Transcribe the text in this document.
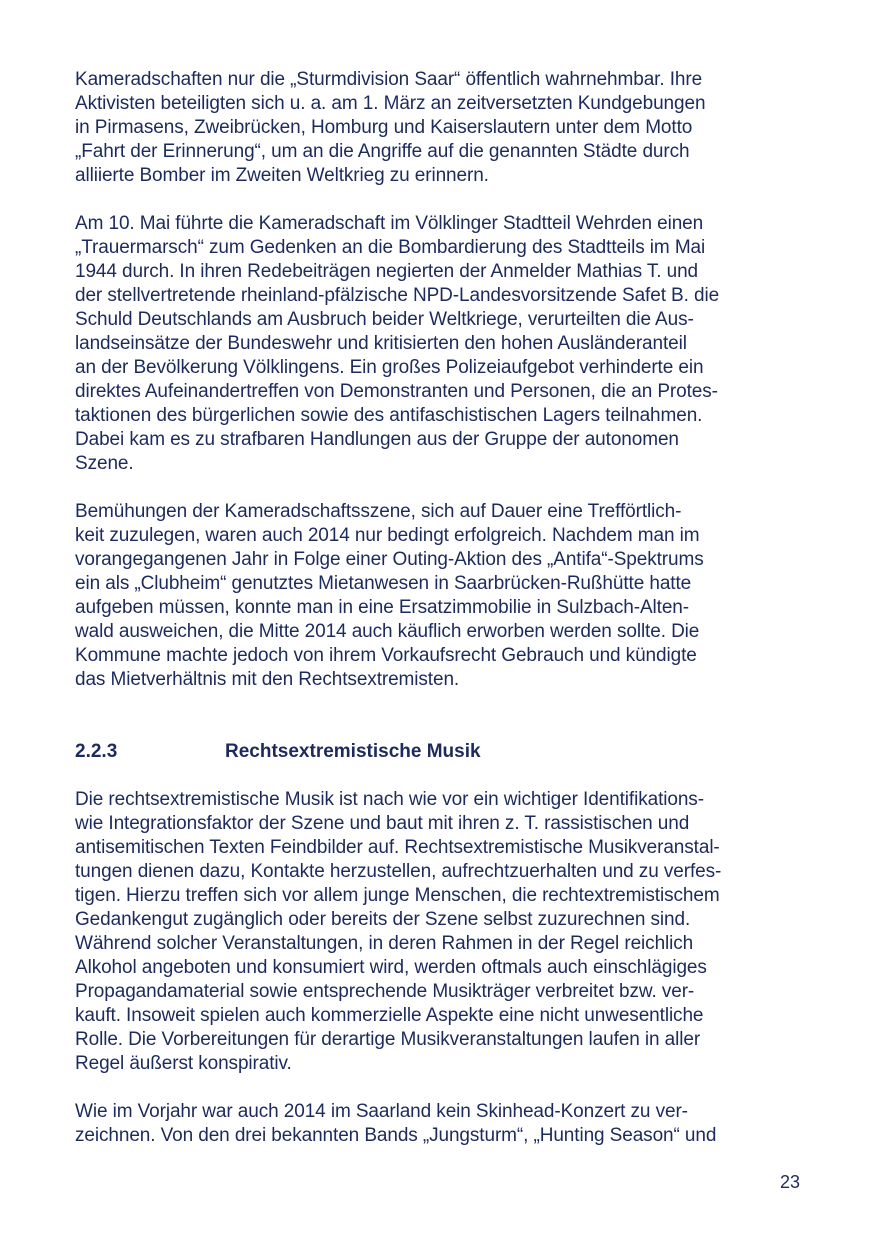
Kameradschaften nur die „Sturmdivision Saar“ öffentlich wahrnehmbar. Ihre
Aktivisten beteiligten sich u. a. am 1. März an zeitversetzten Kundgebungen
in Pirmasens, Zweibrücken, Homburg und Kaiserslautern unter dem Motto
„Fahrt der Erinnerung“, um an die Angriffe auf die genannten Städte durch
alliierte Bomber im Zweiten Weltkrieg zu erinnern.
Am 10. Mai führte die Kameradschaft im Völklinger Stadtteil Wehrden einen
„Trauermarsch“ zum Gedenken an die Bombardierung des Stadtteils im Mai
1944 durch. In ihren Redebeiträgen negierten der Anmelder Mathias T. und
der stellvertretende rheinland-pfälzische NPD-Landesvorsitzende Safet B. die
Schuld Deutschlands am Ausbruch beider Weltkriege, verurteilten die Aus-
landseinsätze der Bundeswehr und kritisierten den hohen Ausländeranteil
an der Bevölkerung Völklingens. Ein großes Polizeiaufgebot verhinderte ein
direktes Aufeinandertreffen von Demonstranten und Personen, die an Protes-
taktionen des bürgerlichen sowie des antifaschistischen Lagers teilnahmen.
Dabei kam es zu strafbaren Handlungen aus der Gruppe der autonomen
Szene.
Bemühungen der Kameradschaftsszene, sich auf Dauer eine Trefförtlich-
keit zuzulegen, waren auch 2014 nur bedingt erfolgreich. Nachdem man im
vorangegangenen Jahr in Folge einer Outing-Aktion des „Antifa“-Spektrums
ein als „Clubheim“ genutztes Mietanwesen in Saarbrücken-Rußhütte hatte
aufgeben müssen, konnte man in eine Ersatzimmobilie in Sulzbach-Alten-
wald ausweichen, die Mitte 2014 auch käuflich erworben werden sollte. Die
Kommune machte jedoch von ihrem Vorkaufsrecht Gebrauch und kündigte
das Mietverhältnis mit den Rechtsextremisten.
2.2.3	Rechtsextremistische Musik
Die rechtsextremistische Musik ist nach wie vor ein wichtiger Identifikations-
wie Integrationsfaktor der Szene und baut mit ihren z. T. rassistischen und
antisemitischen Texten Feindbilder auf. Rechtsextremistische Musikveranstal-
tungen dienen dazu, Kontakte herzustellen, aufrechtzuerhalten und zu verfes-
tigen. Hierzu treffen sich vor allem junge Menschen, die rechtextremistischem
Gedankengut zugänglich oder bereits der Szene selbst zuzurechnen sind.
Während solcher Veranstaltungen, in deren Rahmen in der Regel reichlich
Alkohol angeboten und konsumiert wird, werden oftmals auch einschlägiges
Propagandamaterial sowie entsprechende Musikträger verbreitet bzw. ver-
kauft. Insoweit spielen auch kommerzielle Aspekte eine nicht unwesentliche
Rolle. Die Vorbereitungen für derartige Musikveranstaltungen laufen in aller
Regel äußerst konspirativ.
Wie im Vorjahr war auch 2014 im Saarland kein Skinhead-Konzert zu ver-
zeichnen. Von den drei bekannten Bands „Jungsturm“, „Hunting Season“ und
23
